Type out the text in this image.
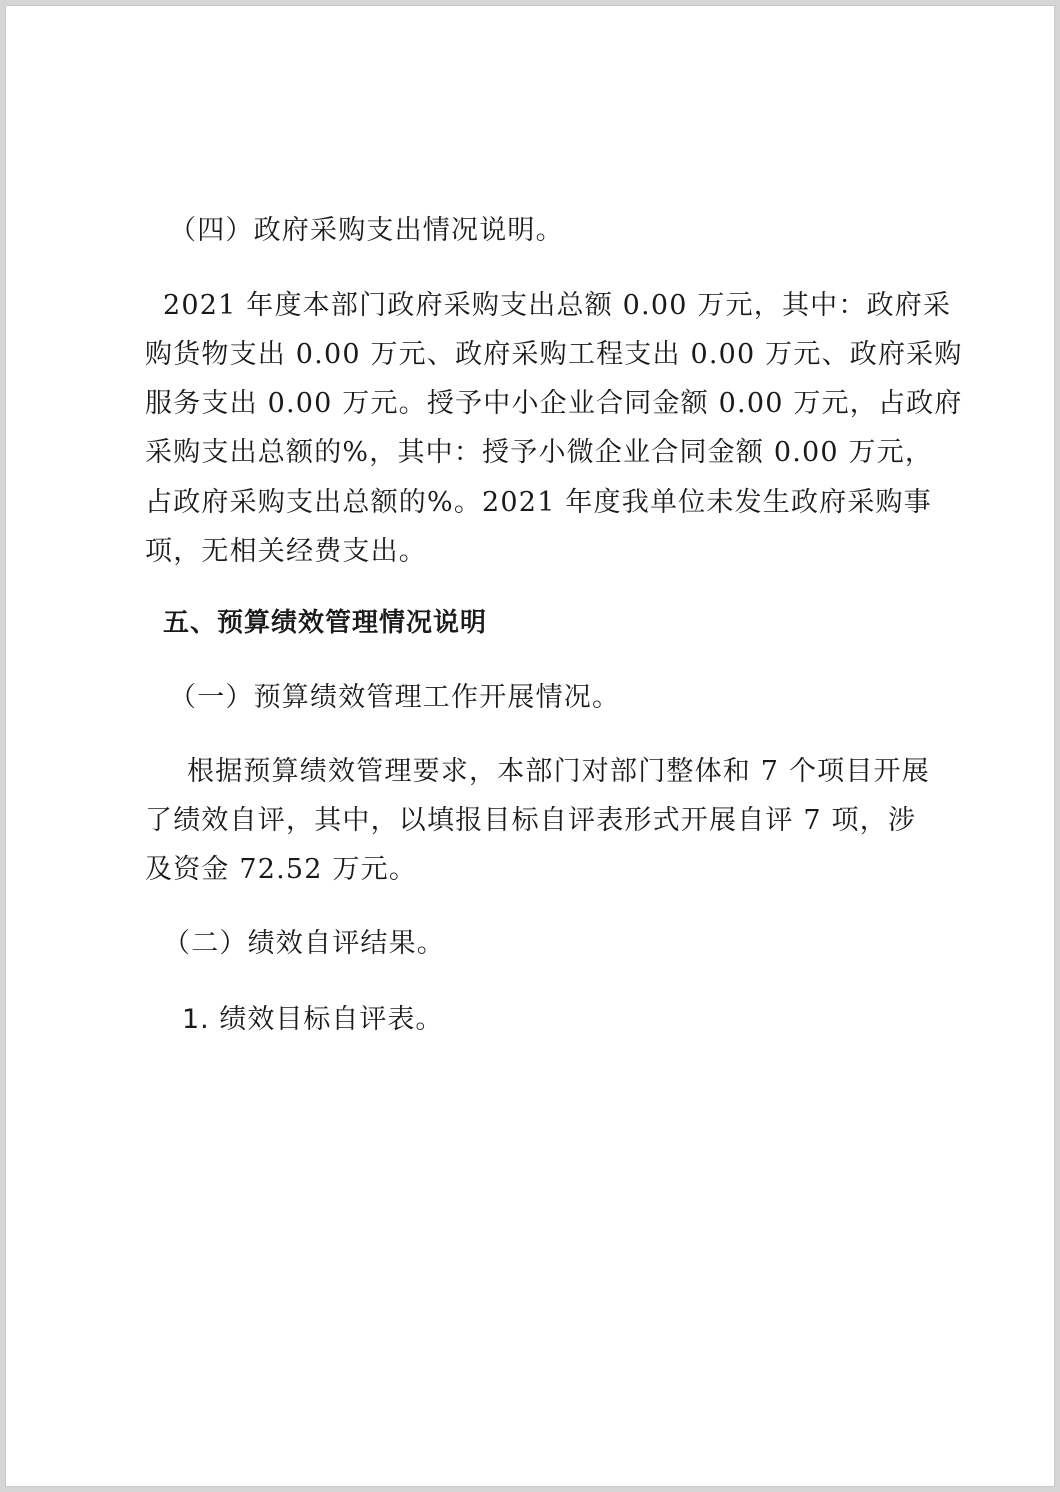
（四）政府采购支出情况说明。
2021 年度本部门政府采购支出总额 0.00 万元，其中：政府采
购货物支出 0.00 万元、政府采购工程支出 0.00 万元、政府采购
服务支出 0.00 万元。授予中小企业合同金额 0.00 万元，占政府
采购支出总额的%，其中：授予小微企业合同金额 0.00 万元，
占政府采购支出总额的%。2021 年度我单位未发生政府采购事
项，无相关经费支出。
五、预算绩效管理情况说明
（一）预算绩效管理工作开展情况。
根据预算绩效管理要求，本部门对部门整体和 7 个项目开展
了绩效自评，其中，以填报目标自评表形式开展自评 7 项，涉
及资金 72.52 万元。
（二）绩效自评结果。
1. 绩效目标自评表。
